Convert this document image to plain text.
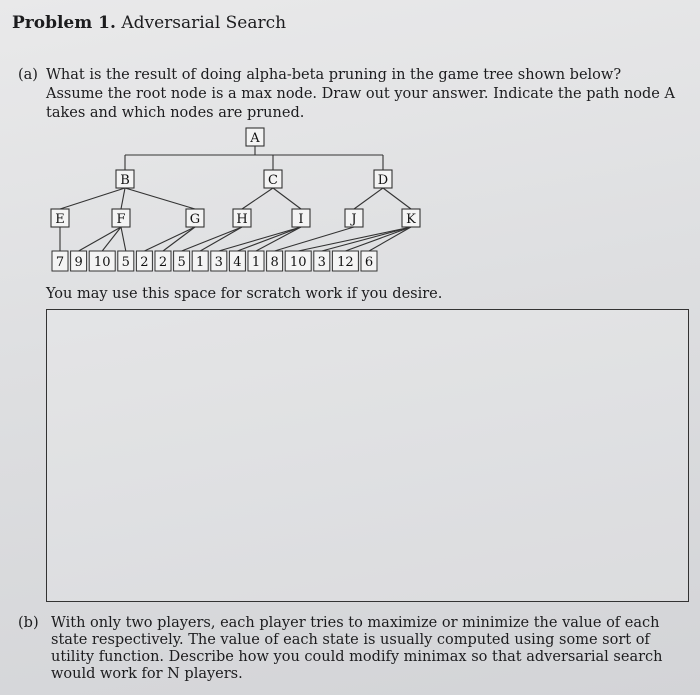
Problem 1. Adversarial Search
(a) What is the result of doing alpha-beta pruning in the game tree shown below? Assume the root node is a max node. Draw out your answer. Indicate the path node A takes and which nodes are pruned.
A
B	C	D
E	F	G	H	I	J	K
7 9 10 5 2 2 5 1 3 4 1 8 10 3 12 6
You may use this space for scratch work if you desire.
(b) With only two players, each player tries to maximize or minimize the value of each state respectively. The value of each state is usually computed using some sort of utility function. Describe how you could modify minimax so that adversarial search would work for N players.
